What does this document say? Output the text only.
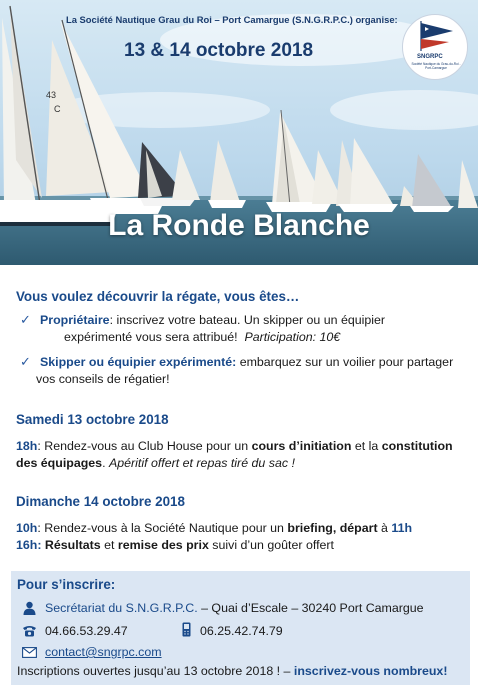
43
C
La Société Nautique Grau du Roi – Port Camargue (S.N.G.R.P.C.) organise:
13 & 14 octobre 2018	SNGRPC
Société Nautique du Grau-du-Roi - Port-Camargue
La Ronde Blanche
Vous voulez découvrir la régate, vous êtes…
✓ Propriétaire: inscrivez votre bateau. Un skipper ou un équipier
expérimenté vous sera attribué! Participation: 10€
✓ Skipper ou équipier expérimenté: embarquez sur un voilier pour partager
vos conseils de régatier!
Samedi 13 octobre 2018
18h: Rendez-vous au Club House pour un cours d’initiation et la constitution
des équipages. Apéritif offert et repas tiré du sac !
Dimanche 14 octobre 2018
10h: Rendez-vous à la Société Nautique pour un briefing, départ à 11h
16h: Résultats et remise des prix suivi d’un goûter offert
Pour s’inscrire:
Secrétariat du S.N.G.R.P.C. – Quai d’Escale – 30240 Port Camargue
04.66.53.29.47	06.25.42.74.79
contact@sngrpc.com
Inscriptions ouvertes jusqu’au 13 octobre 2018 ! – inscrivez-vous nombreux!
